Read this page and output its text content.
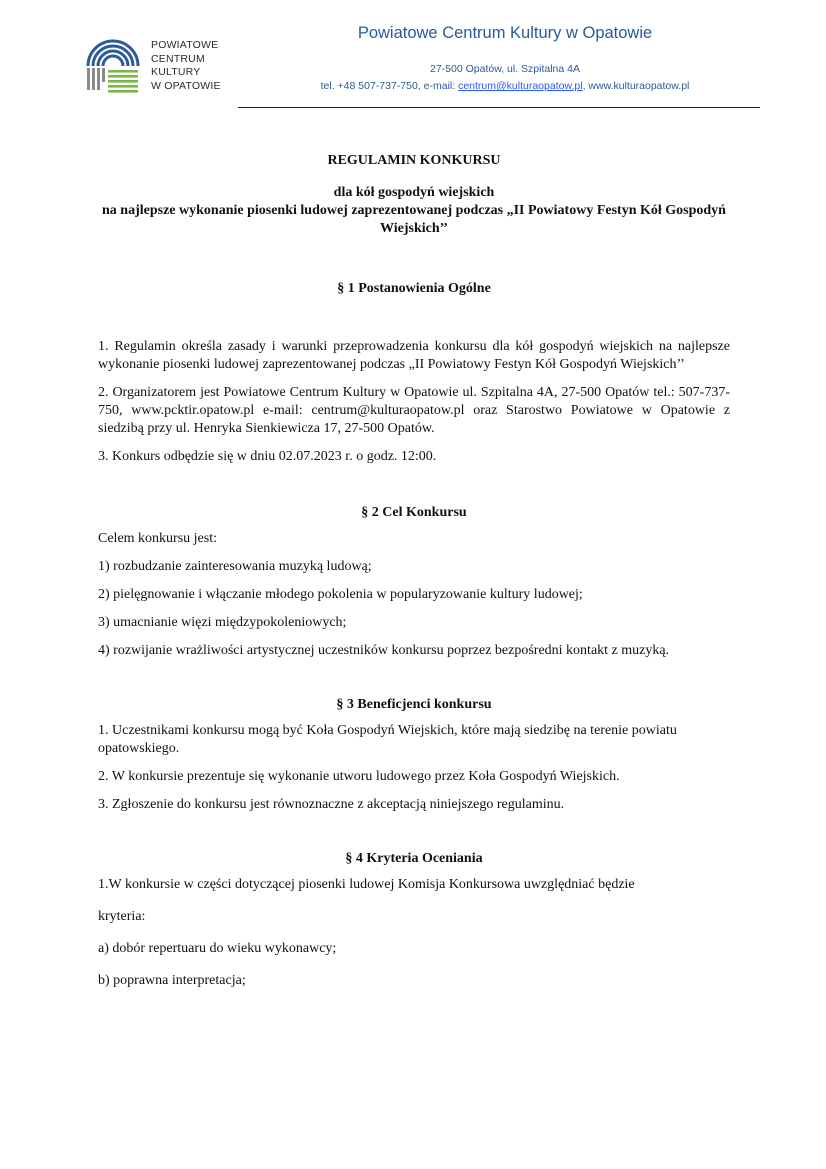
POWIATOWE
CENTRUM
KULTURY
W OPATOWIE
Powiatowe Centrum Kultury w Opatowie
27-500 Opatów, ul. Szpitalna 4A
tel. +48 507-737-750, e-mail: centrum@kulturaopatow.pl, www.kulturaopatow.pl
REGULAMIN KONKURSU
dla kół gospodyń wiejskich
na najlepsze wykonanie piosenki ludowej zaprezentowanej podczas „II Powiatowy Festyn Kół Gospodyń Wiejskich’’
§ 1 Postanowienia Ogólne

1. Regulamin określa zasady i warunki przeprowadzenia konkursu dla kół gospodyń wiejskich na najlepsze wykonanie piosenki ludowej zaprezentowanej podczas „II Powiatowy Festyn Kół Gospodyń Wiejskich’’

2. Organizatorem jest Powiatowe Centrum Kultury w Opatowie ul. Szpitalna 4A, 27-500 Opatów tel.: 507-737-750, www.pcktir.opatow.pl e-mail: centrum@kulturaopatow.pl oraz Starostwo Powiatowe w Opatowie z siedzibą przy ul. Henryka Sienkiewicza 17, 27-500 Opatów.

3. Konkurs odbędzie się w dniu 02.07.2023 r. o godz. 12:00.

§ 2 Cel Konkursu

Celem konkursu jest:

1) rozbudzanie zainteresowania muzyką ludową;

2) pielęgnowanie i włączanie młodego pokolenia w popularyzowanie kultury ludowej;

3) umacnianie więzi międzypokoleniowych;

4) rozwijanie wrażliwości artystycznej uczestników konkursu poprzez bezpośredni kontakt z muzyką.

§ 3 Beneficjenci konkursu

1. Uczestnikami konkursu mogą być Koła Gospodyń Wiejskich, które mają siedzibę na terenie powiatu opatowskiego.

2. W konkursie prezentuje się wykonanie utworu ludowego przez Koła Gospodyń Wiejskich.

3. Zgłoszenie do konkursu jest równoznaczne z akceptacją niniejszego regulaminu.

§ 4 Kryteria Oceniania

1.W konkursie w części dotyczącej piosenki ludowej Komisja Konkursowa uwzględniać będzie

kryteria:

a) dobór repertuaru do wieku wykonawcy;

b) poprawna interpretacja;
